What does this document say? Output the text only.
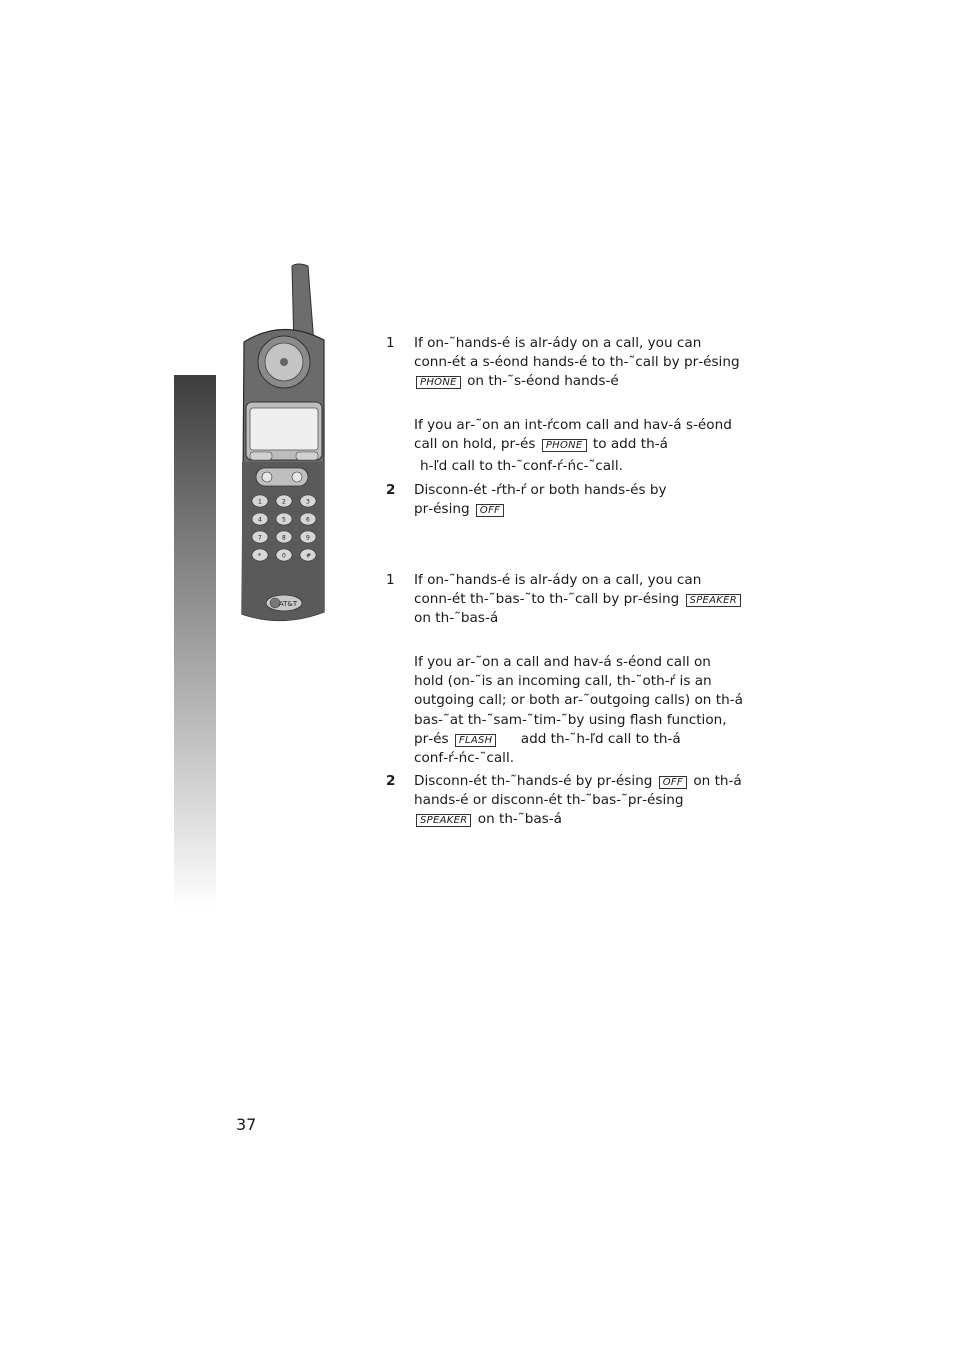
1	2	3
4	5	6
7	8	9
*	0	#
AT&T
1	If on‐˜hands‐é is alr‐ády on a call, you can
conn‐ét a s‐éond hands‐é to th‐˜call by pr‐ésing
PHONE on th‐˜s‐éond hands‐é
If you ar‐˜on an int‐ŕcom call and hav‐á s‐éond
call on hold, pr‐és PHONE to add th‐á
h‐ľd call to th‐˜conf‐ŕ‐ńc‐˜call.
2	Disconn‐ét ‐ŕth‐ŕ or both hands‐és by
pr‐ésing OFF
1	If on‐˜hands‐é is alr‐ády on a call, you can
conn‐ét th‐˜bas‐˜to th‐˜call by pr‐ésing SPEAKER
on th‐˜bas‐á
If you ar‐˜on a call and hav‐á s‐éond call on
hold (on‐˜is an incoming call, th‐˜oth‐ŕ is an
outgoing call; or both ar‐˜outgoing calls) on th‐á
bas‐˜at th‐˜sam‐˜tim‐˜by using flash function,
pr‐és FLASH add th‐˜h‐ľd call to th‐á
conf‐ŕ‐ńc‐˜call.
2	Disconn‐ét th‐˜hands‐é by pr‐ésing OFF on th‐á
hands‐é or disconn‐ét th‐˜bas‐˜pr‐ésing
SPEAKER on th‐˜bas‐á
37
